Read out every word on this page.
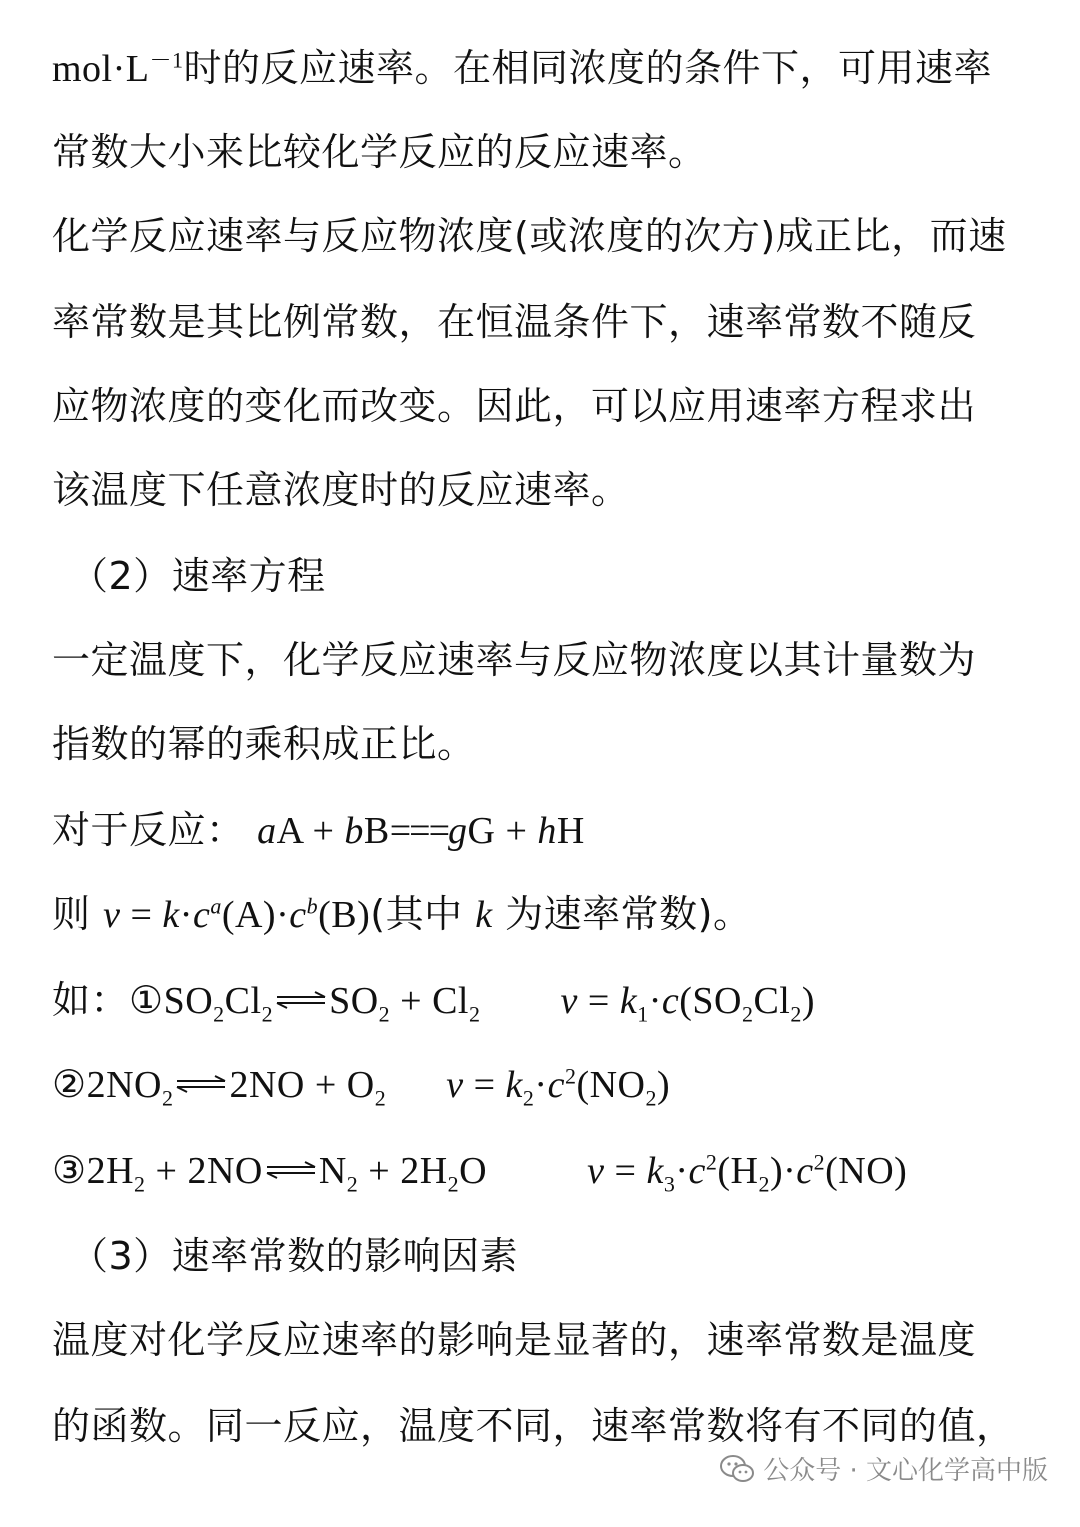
$mol\cdot L^{-1}$时的反应速率。在相同浓度的条件下，可用速率
常数大小来比较化学反应的反应速率。
化学反应速率与反应物浓度(或浓度的次方)成正比，而速
率常数是其比例常数，在恒温条件下，速率常数不随反
应物浓度的变化而改变。因此，可以应用速率方程求出
该温度下任意浓度时的反应速率。
（2）速率方程
一定温度下，化学反应速率与反应物浓度以其计量数为
指数的幂的乘积成正比。
对于反应： aA + bB===gG + hH
则 $v = k\cdot c^a(A)\cdot c^b(B)$(其中 k 为速率常数)。
如：$①SO_2Cl_2$ $\rightleftharpoons SO_2 + Cl_2$ $v = k_1\cdot c(SO_2Cl_2)$
$②2NO_2$ ⇌2NO + $O_2$ $v = k_2\cdot c^2(NO_2)$
$③2H_2$ + $2NO\rightleftharpoons N_2 + 2H_2O$	$v = k_3\cdot c^2(H_2)\cdot c^2(NO)$
（3）速率常数的影响因素
温度对化学反应速率的影响是显著的，速率常数是温度
的函数。同一反应，温度不同，速率常数将有不同的值，
公众号 · 文心化学高中版
